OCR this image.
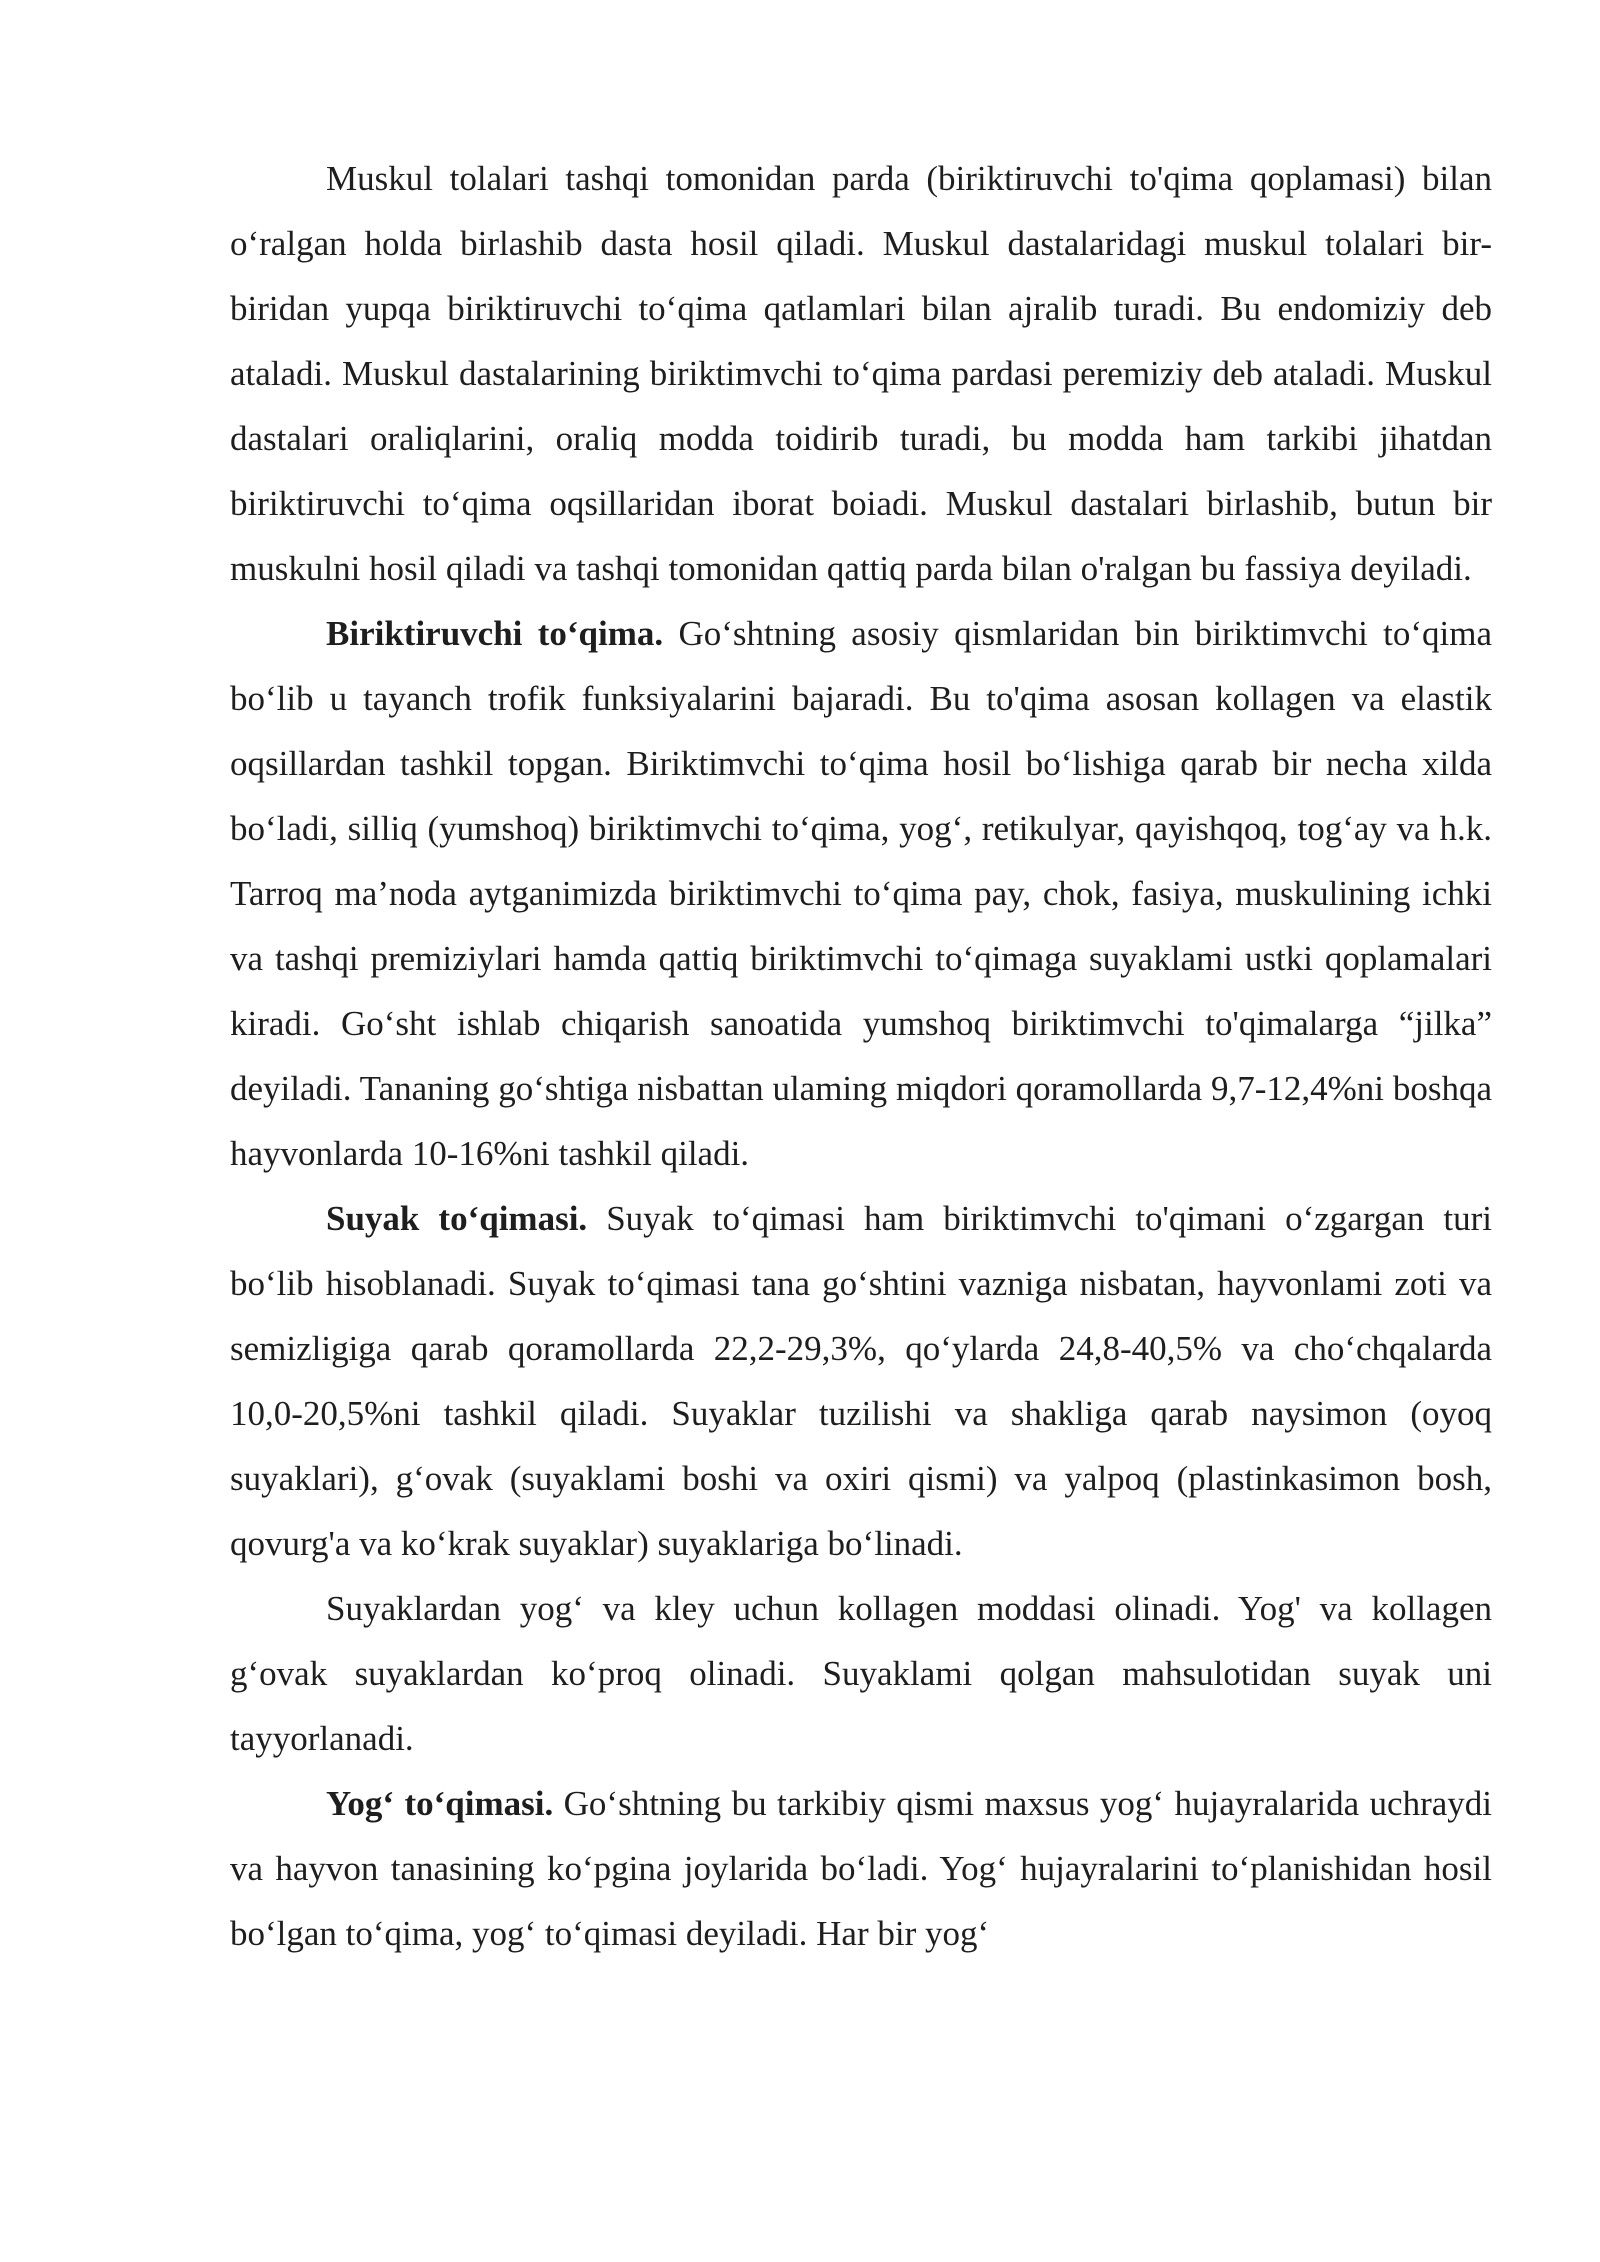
Muskul tolalari tashqi tomonidan parda (biriktiruvchi to'qima qoplamasi) bilan o‘ralgan holda birlashib dasta hosil qiladi. Muskul dastalaridagi muskul tolalari bir-biridan yupqa biriktiruvchi to‘qima qatlamlari bilan ajralib turadi. Bu endomiziy deb ataladi. Muskul dastalarining biriktimvchi to‘qima pardasi peremiziy deb ataladi. Muskul dastalari oraliqlarini, oraliq modda toidirib turadi, bu modda ham tarkibi jihatdan biriktiruvchi to‘qima oqsillaridan iborat boiadi. Muskul dastalari birlashib, butun bir muskulni hosil qiladi va tashqi tomonidan qattiq parda bilan o'ralgan bu fassiya deyiladi.

Biriktiruvchi to‘qima. Go‘shtning asosiy qismlaridan bin biriktimvchi to‘qima bo‘lib u tayanch trofik funksiyalarini bajaradi. Bu to'qima asosan kollagen va elastik oqsillardan tashkil topgan. Biriktimvchi to‘qima hosil bo‘lishiga qarab bir necha xilda bo‘ladi, silliq (yumshoq) biriktimvchi to‘qima, yog‘, retikulyar, qayishqoq, tog‘ay va h.k. Tarroq ma’noda aytganimizda biriktimvchi to‘qima pay, chok, fasiya, muskulining ichki va tashqi premiziylari hamda qattiq biriktimvchi to‘qimaga suyaklami ustki qoplamalari kiradi. Go‘sht ishlab chiqarish sanoatida yumshoq biriktimvchi to'qimalarga “jilka” deyiladi. Tananing go‘shtiga nisbattan ulaming miqdori qoramollarda 9,7-12,4%ni boshqa hayvonlarda 10-16%ni tashkil qiladi.

Suyak to‘qimasi. Suyak to‘qimasi ham biriktimvchi to'qimani o‘zgargan turi bo‘lib hisoblanadi. Suyak to‘qimasi tana go‘shtini vazniga nisbatan, hayvonlami zoti va semizligiga qarab qoramollarda 22,2-29,3%, qo‘ylarda 24,8-40,5% va cho‘chqalarda 10,0-20,5%ni tashkil qiladi. Suyaklar tuzilishi va shakliga qarab naysimon (oyoq suyaklari), g‘ovak (suyaklami boshi va oxiri qismi) va yalpoq (plastinkasimon bosh, qovurg'a va ko‘krak suyaklar) suyaklariga bo‘linadi.

Suyaklardan yog‘ va kley uchun kollagen moddasi olinadi. Yog' va kollagen g‘ovak suyaklardan ko‘proq olinadi. Suyaklami qolgan mahsulotidan suyak uni tayyorlanadi.

Yog‘ to‘qimasi. Go‘shtning bu tarkibiy qismi maxsus yog‘ hujayralarida uchraydi va hayvon tanasining ko‘pgina joylarida bo‘ladi. Yog‘ hujayralarini to‘planishidan hosil bo‘lgan to‘qima, yog‘ to‘qimasi deyiladi. Har bir yog‘
